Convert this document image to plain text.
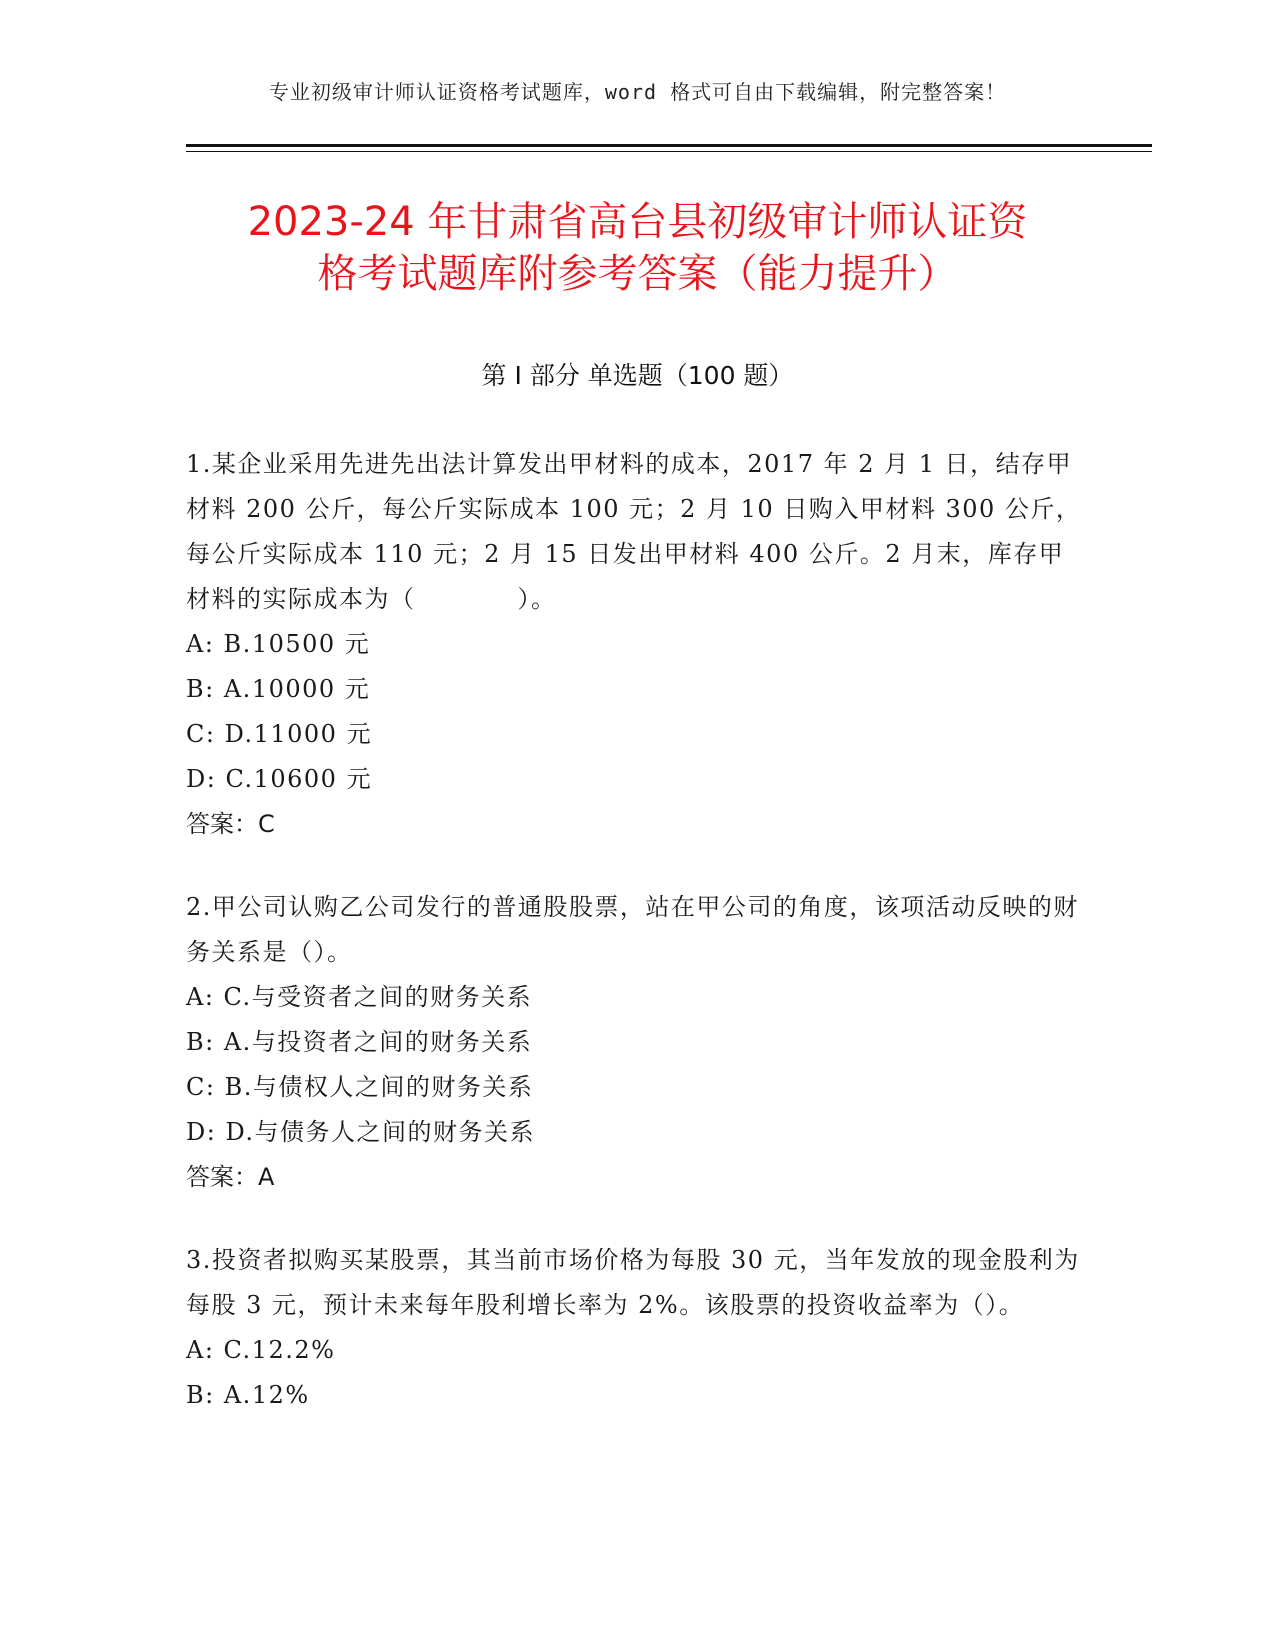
专业初级审计师认证资格考试题库，word 格式可自由下载编辑，附完整答案！
2023-24 年甘肃省高台县初级审计师认证资
格考试题库附参考答案（能力提升）
第 I 部分 单选题（100 题）

1.某企业采用先进先出法计算发出甲材料的成本，2017 年 2 月 1 日，结存甲材料 200 公斤，每公斤实际成本 100 元；2 月 10 日购入甲材料 300 公斤，每公斤实际成本 110 元；2 月 15 日发出甲材料 400 公斤。2 月末，库存甲材料的实际成本为（　　　　）。

A: B.10500 元

B: A.10000 元

C: D.11000 元

D: C.10600 元

答案：C

2.甲公司认购乙公司发行的普通股股票，站在甲公司的角度，该项活动反映的财务关系是（）。

A: C.与受资者之间的财务关系

B: A.与投资者之间的财务关系

C: B.与债权人之间的财务关系

D: D.与债务人之间的财务关系

答案：A

3.投资者拟购买某股票，其当前市场价格为每股 30 元，当年发放的现金股利为每股 3 元，预计未来每年股利增长率为 2%。该股票的投资收益率为（）。

A: C.12.2%

B: A.12%
